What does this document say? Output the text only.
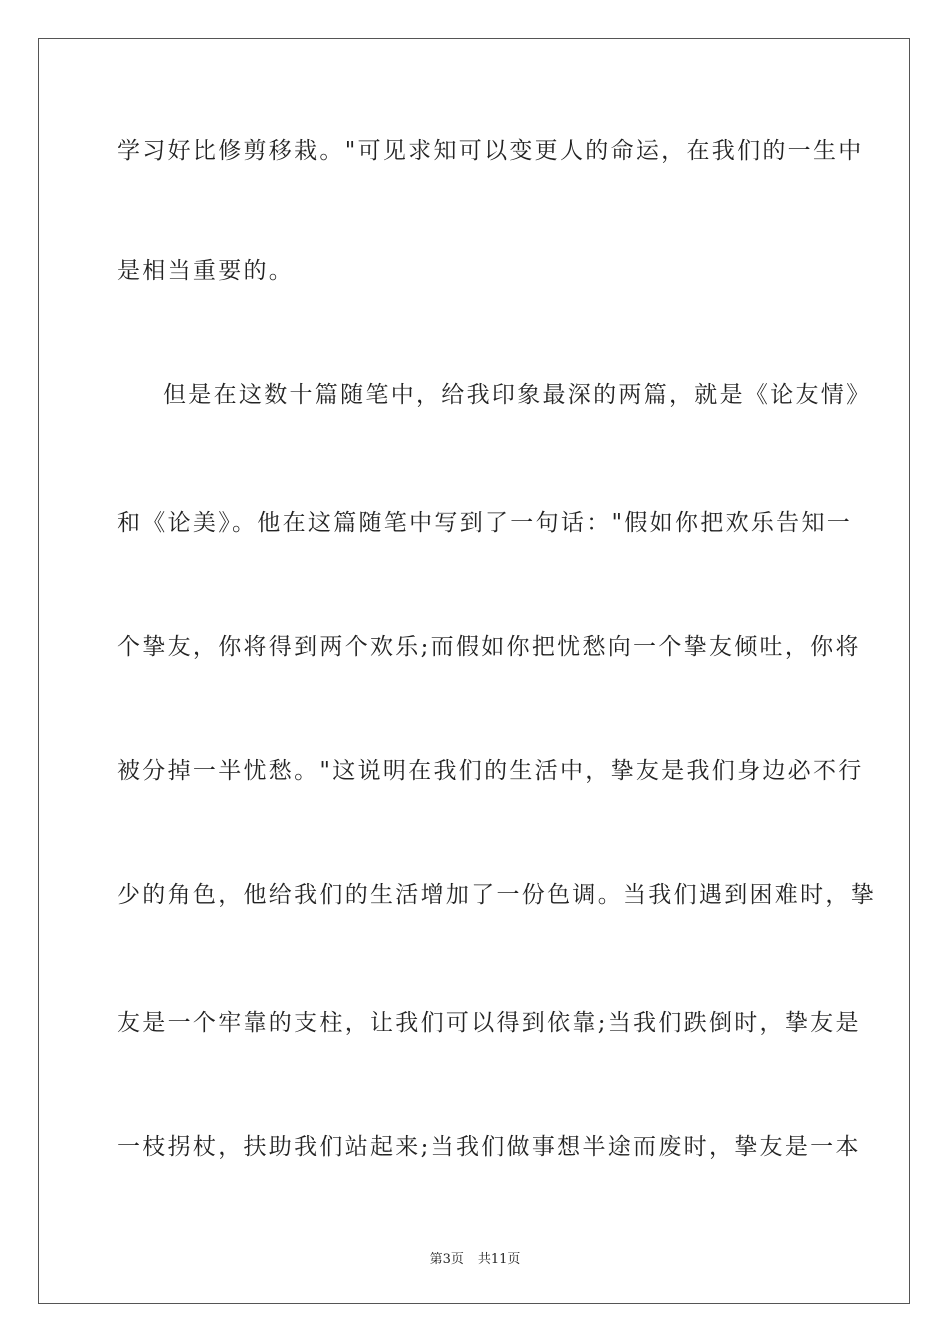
学习好比修剪移栽。"可见求知可以变更人的命运，在我们的一生中
是相当重要的。
但是在这数十篇随笔中，给我印象最深的两篇，就是《论友情》
和《论美》。他在这篇随笔中写到了一句话："假如你把欢乐告知一
个挚友，你将得到两个欢乐;而假如你把忧愁向一个挚友倾吐，你将
被分掉一半忧愁。"这说明在我们的生活中，挚友是我们身边必不行
少的角色，他给我们的生活增加了一份色调。当我们遇到困难时，挚
友是一个牢靠的支柱，让我们可以得到依靠;当我们跌倒时，挚友是
一枝拐杖，扶助我们站起来;当我们做事想半途而废时，挚友是一本
第3页 共11页
